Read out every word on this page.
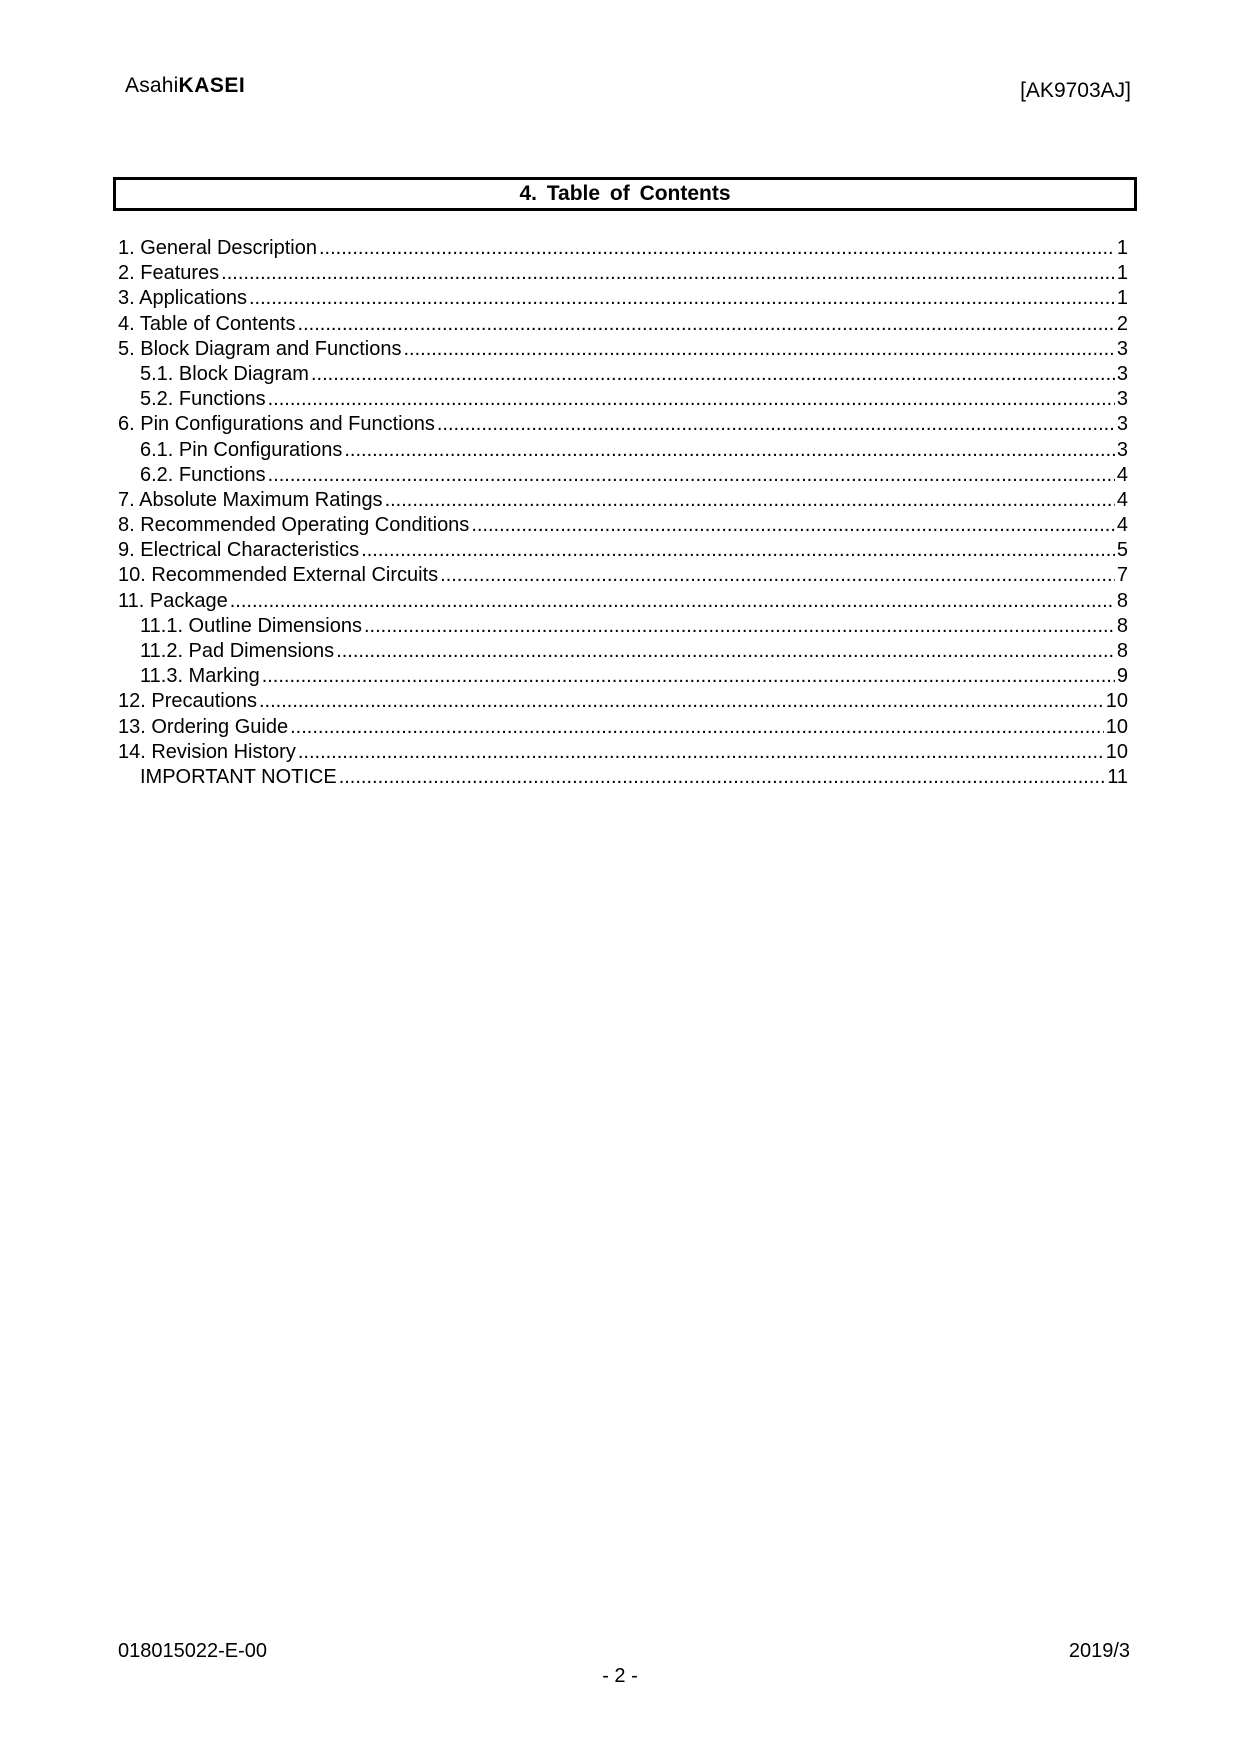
AsahiKASEI	[AK9703AJ]
4. Table of Contents
1. General Description .....	1
2. Features .....	1
3. Applications .....	1
4. Table of Contents .....	2
5. Block Diagram and Functions .....	3
5.1. Block Diagram .....	3
5.2. Functions .....	3
6. Pin Configurations and Functions .....	3
6.1. Pin Configurations .....	3
6.2. Functions .....	4
7. Absolute Maximum Ratings .....	4
8. Recommended Operating Conditions .....	4
9. Electrical Characteristics .....	5
10. Recommended External Circuits .....	7
11. Package .....	8
11.1. Outline Dimensions .....	8
11.2. Pad Dimensions .....	8
11.3. Marking .....	9
12. Precautions .....	10
13. Ordering Guide .....	10
14. Revision History .....	10
IMPORTANT NOTICE .....	11
018015022-E-00	2019/3
- 2 -
